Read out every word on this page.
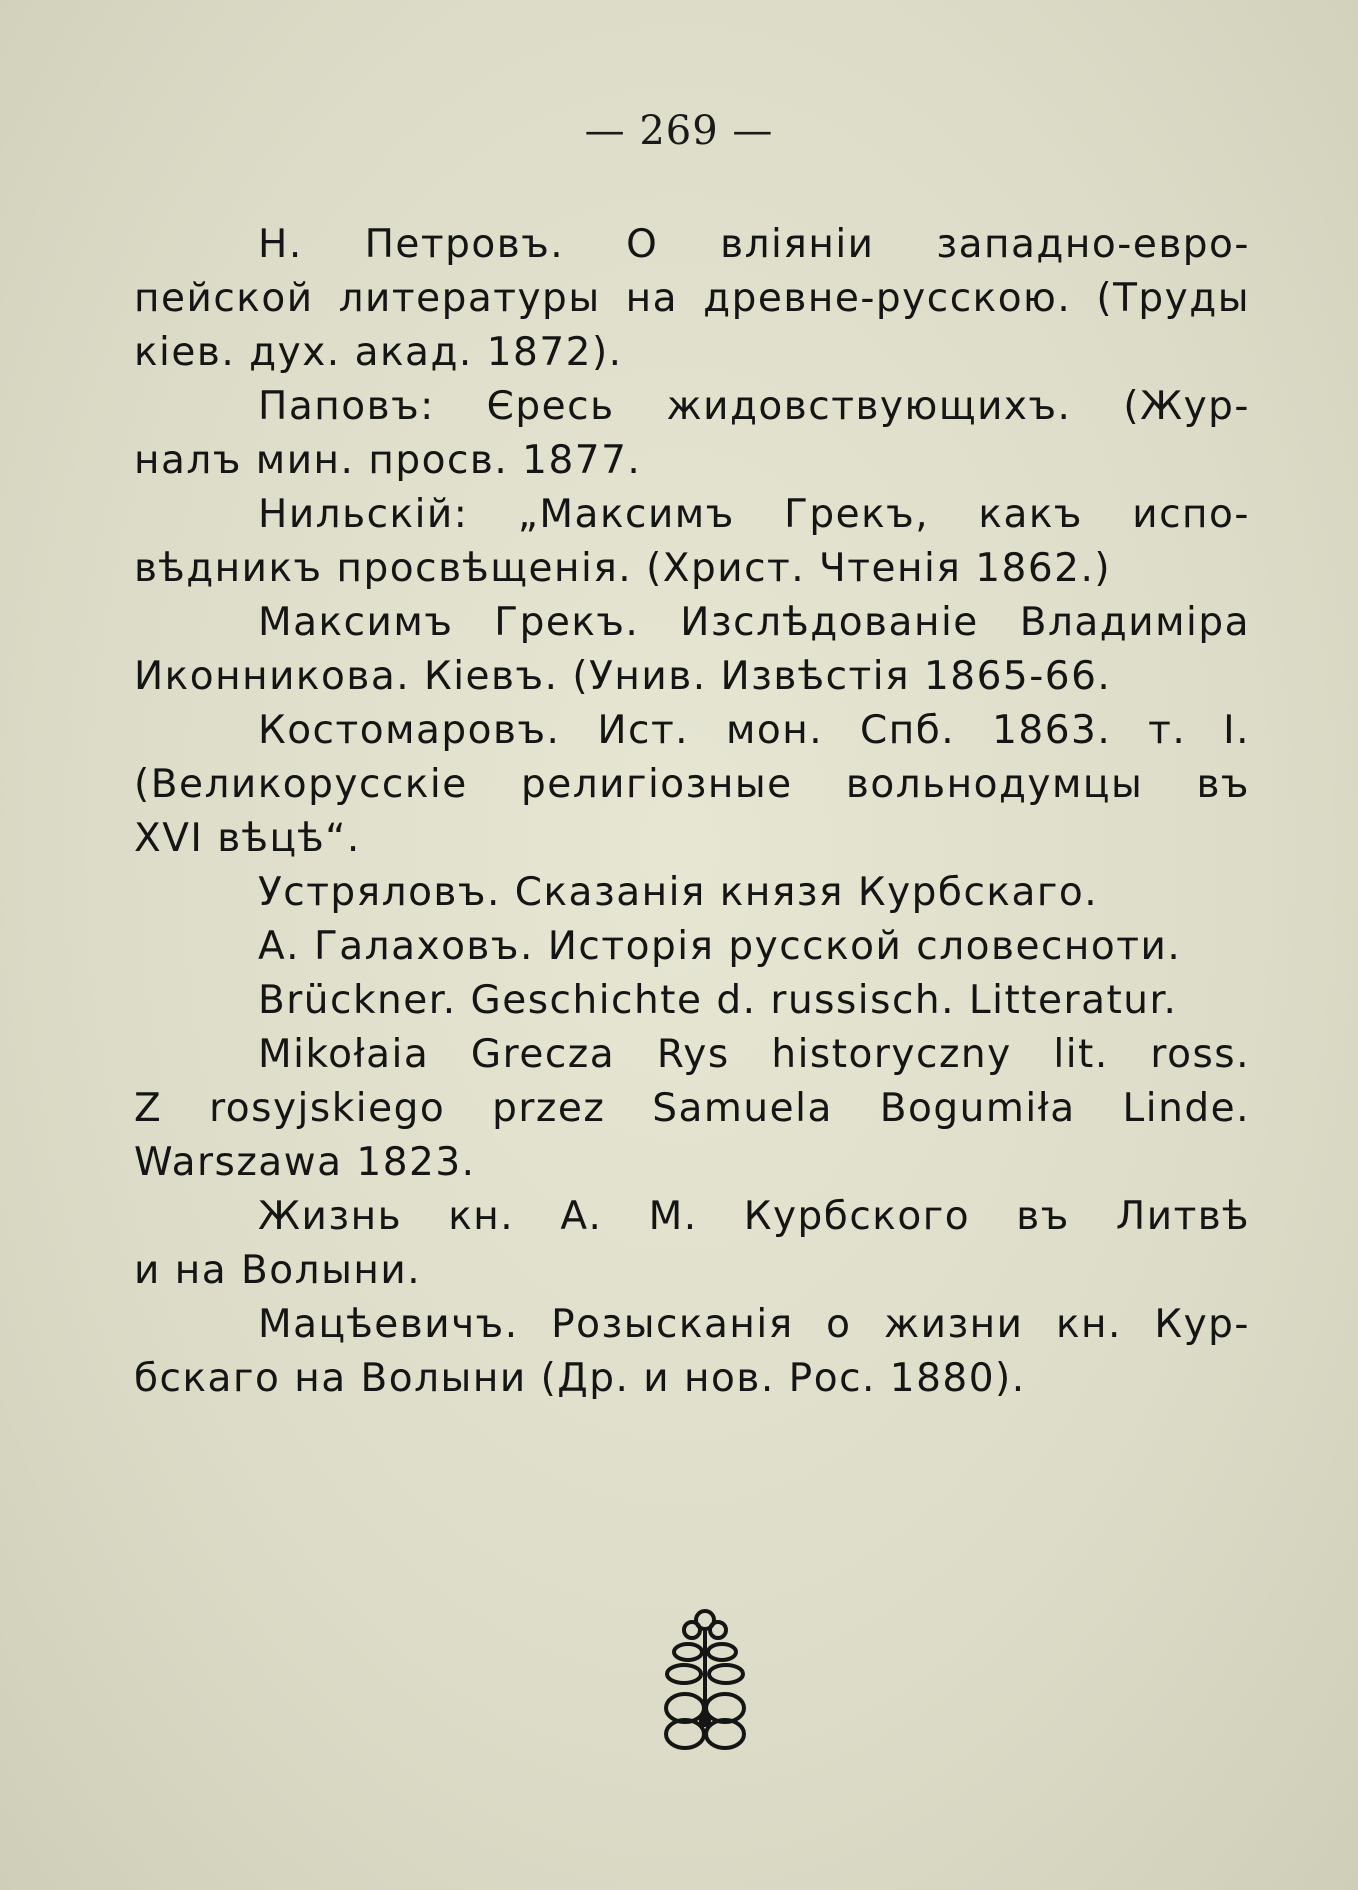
— 269 —
Н. Петровъ. О вліяніи западно-евро-
пейской литературы на древне-русскою. (Труды
кіев. дух. акад. 1872).
Паповъ: Єресь жидовствующихъ. (Жур-
налъ мин. просв. 1877.
Нильскій: „Максимъ Грекъ, какъ испо-
вѣдникъ просвѣщенія. (Христ. Чтенія 1862.)
Максимъ Грекъ. Изслѣдованіе Владиміра
Иконникова. Кіевъ. (Унив. Извѣстія 1865-66.
Костомаровъ. Ист. мон. Спб. 1863. т. I.
(Великорусскіе религіозные вольнодумцы въ
XVI вѣцѣ“.
Устряловъ. Сказанія князя Курбскаго.
А. Галаховъ. Исторія русской словесноти.
Brückner. Geschichte d. russisch. Litteratur.
Mikołaia Grecza Rys historyczny lit. ross.
Z rosyjskiego przez Samuela Bogumiła Linde.
Warszawa 1823.
Жизнь кн. А. М. Курбского въ Литвѣ
и на Волыни.
Мацѣевичъ. Розысканія о жизни кн. Кур-
бскаго на Волыни (Др. и нов. Рос. 1880).
